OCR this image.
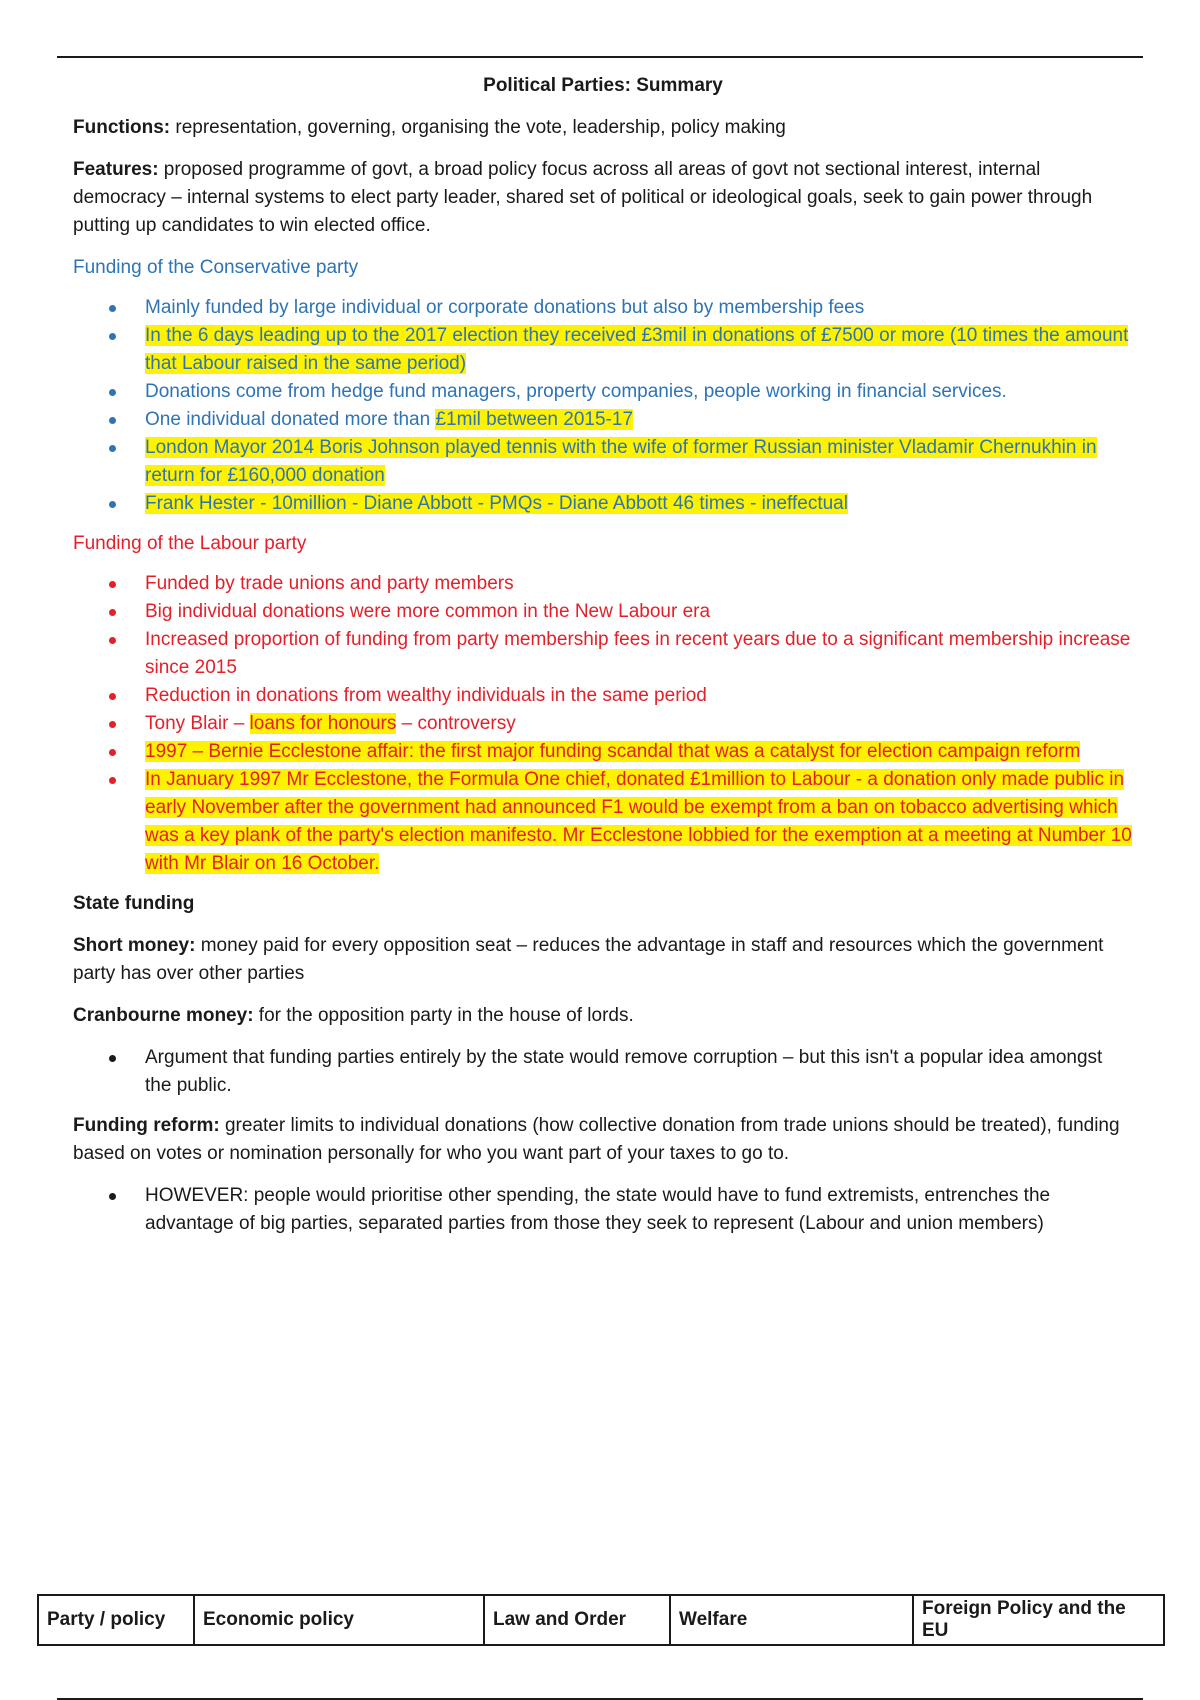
Political Parties: Summary

Functions: representation, governing, organising the vote, leadership, policy making

Features: proposed programme of govt, a broad policy focus across all areas of govt not sectional interest, internal democracy – internal systems to elect party leader, shared set of political or ideological goals, seek to gain power through putting up candidates to win elected office.

Funding of the Conservative party

Mainly funded by large individual or corporate donations but also by membership fees
In the 6 days leading up to the 2017 election they received £3mil in donations of £7500 or more (10 times the amount that Labour raised in the same period)
Donations come from hedge fund managers, property companies, people working in financial services.
One individual donated more than £1mil between 2015-17
London Mayor 2014 Boris Johnson played tennis with the wife of former Russian minister Vladamir Chernukhin in return for £160,000 donation
Frank Hester - 10million - Diane Abbott - PMQs - Diane Abbott 46 times - ineffectual

Funding of the Labour party

Funded by trade unions and party members
Big individual donations were more common in the New Labour era
Increased proportion of funding from party membership fees in recent years due to a significant membership increase since 2015
Reduction in donations from wealthy individuals in the same period
Tony Blair – loans for honours – controversy
1997 – Bernie Ecclestone affair: the first major funding scandal that was a catalyst for election campaign reform
In January 1997 Mr Ecclestone, the Formula One chief, donated £1million to Labour - a donation only made public in early November after the government had announced F1 would be exempt from a ban on tobacco advertising which was a key plank of the party's election manifesto. Mr Ecclestone lobbied for the exemption at a meeting at Number 10 with Mr Blair on 16 October.

State funding

Short money: money paid for every opposition seat – reduces the advantage in staff and resources which the government party has over other parties

Cranbourne money: for the opposition party in the house of lords.

Argument that funding parties entirely by the state would remove corruption – but this isn't a popular idea amongst the public.

Funding reform: greater limits to individual donations (how collective donation from trade unions should be treated), funding based on votes or nomination personally for who you want part of your taxes to go to.

HOWEVER: people would prioritise other spending, the state would have to fund extremists, entrenches the advantage of big parties, separated parties from those they seek to represent (Labour and union members)
Party / policy	Economic policy	Law and Order	Welfare	Foreign Policy and the EU
